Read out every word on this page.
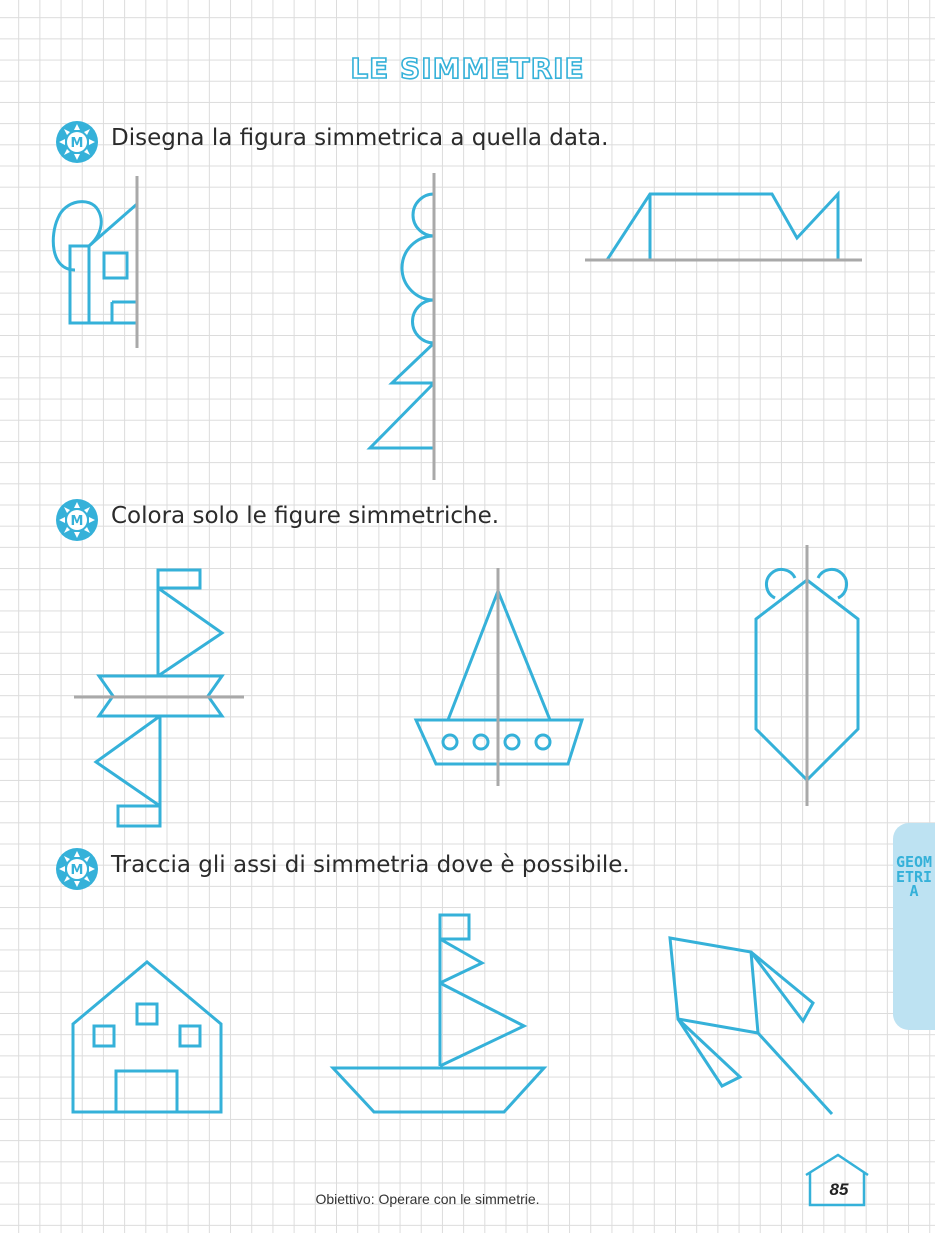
LE SIMMETRIE
M
M
M
Disegna la figura simmetrica a quella data.
Colora solo le figure simmetriche.
Traccia gli assi di simmetria dove è possibile.	GEOMETRIA
Obiettivo: Operare con le simmetrie.	85
